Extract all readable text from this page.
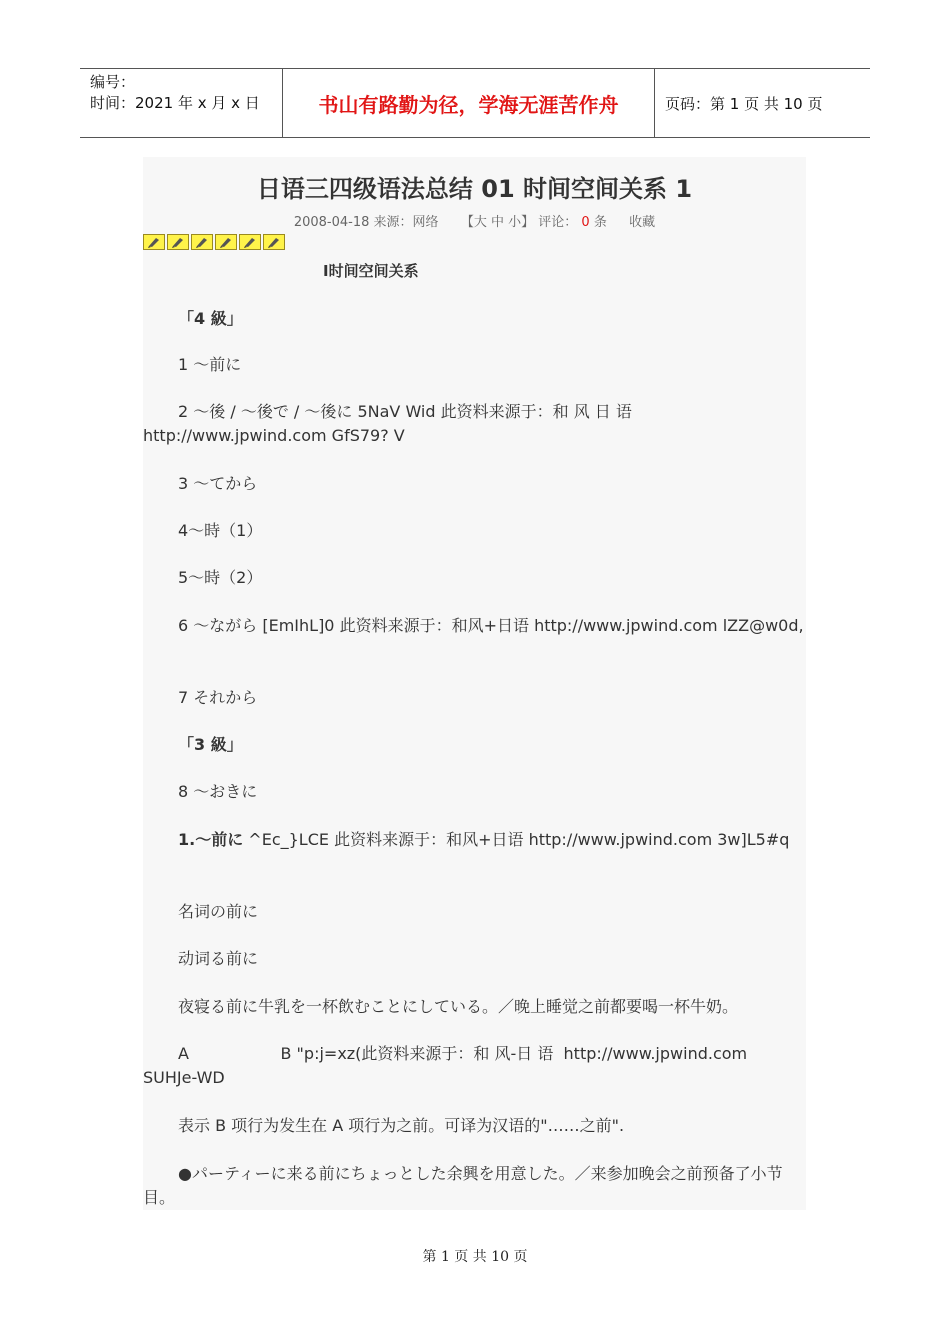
编号：
时间：2021 年 x 月 x 日	书山有路勤为径，学海无涯苦作舟	页码：第 1 页 共 10 页
日语三四级语法总结 01 时间空间关系 1
2008-04-18 来源：网络 【大 中 小】 评论： 0 条 收藏
Ⅰ时间空间关系
「4 級」
1 ～前に
2 ～後 / ～後で / ～後に 5NaV Wid 此资料来源于：和 风 日 语 http://www.jpwind.com GfS79? V
3 ～てから
4～時（1）
5～時（2）
6 ～ながら [EmIhL]0 此资料来源于：和风+日语 http://www.jpwind.com lZZ@w0d,
7 それから
「3 級」
8 ～おきに
1.～前に ^Ec_}LCE 此资料来源于：和风+日语 http://www.jpwind.com 3w]L5#q
名词の前に
动词る前に
夜寝る前に牛乳を一杯飲むことにしている。／晚上睡觉之前都要喝一杯牛奶。
A                  B "p:j=xz(此资料来源于：和 风-日 语  http://www.jpwind.com SUHJe-WD
表示 B 项行为发生在 A 项行为之前。可译为汉语的"……之前".
●パーティーに来る前にちょっとした余興を用意した。／来参加晚会之前预备了小节目。
第 1 页 共 10 页
